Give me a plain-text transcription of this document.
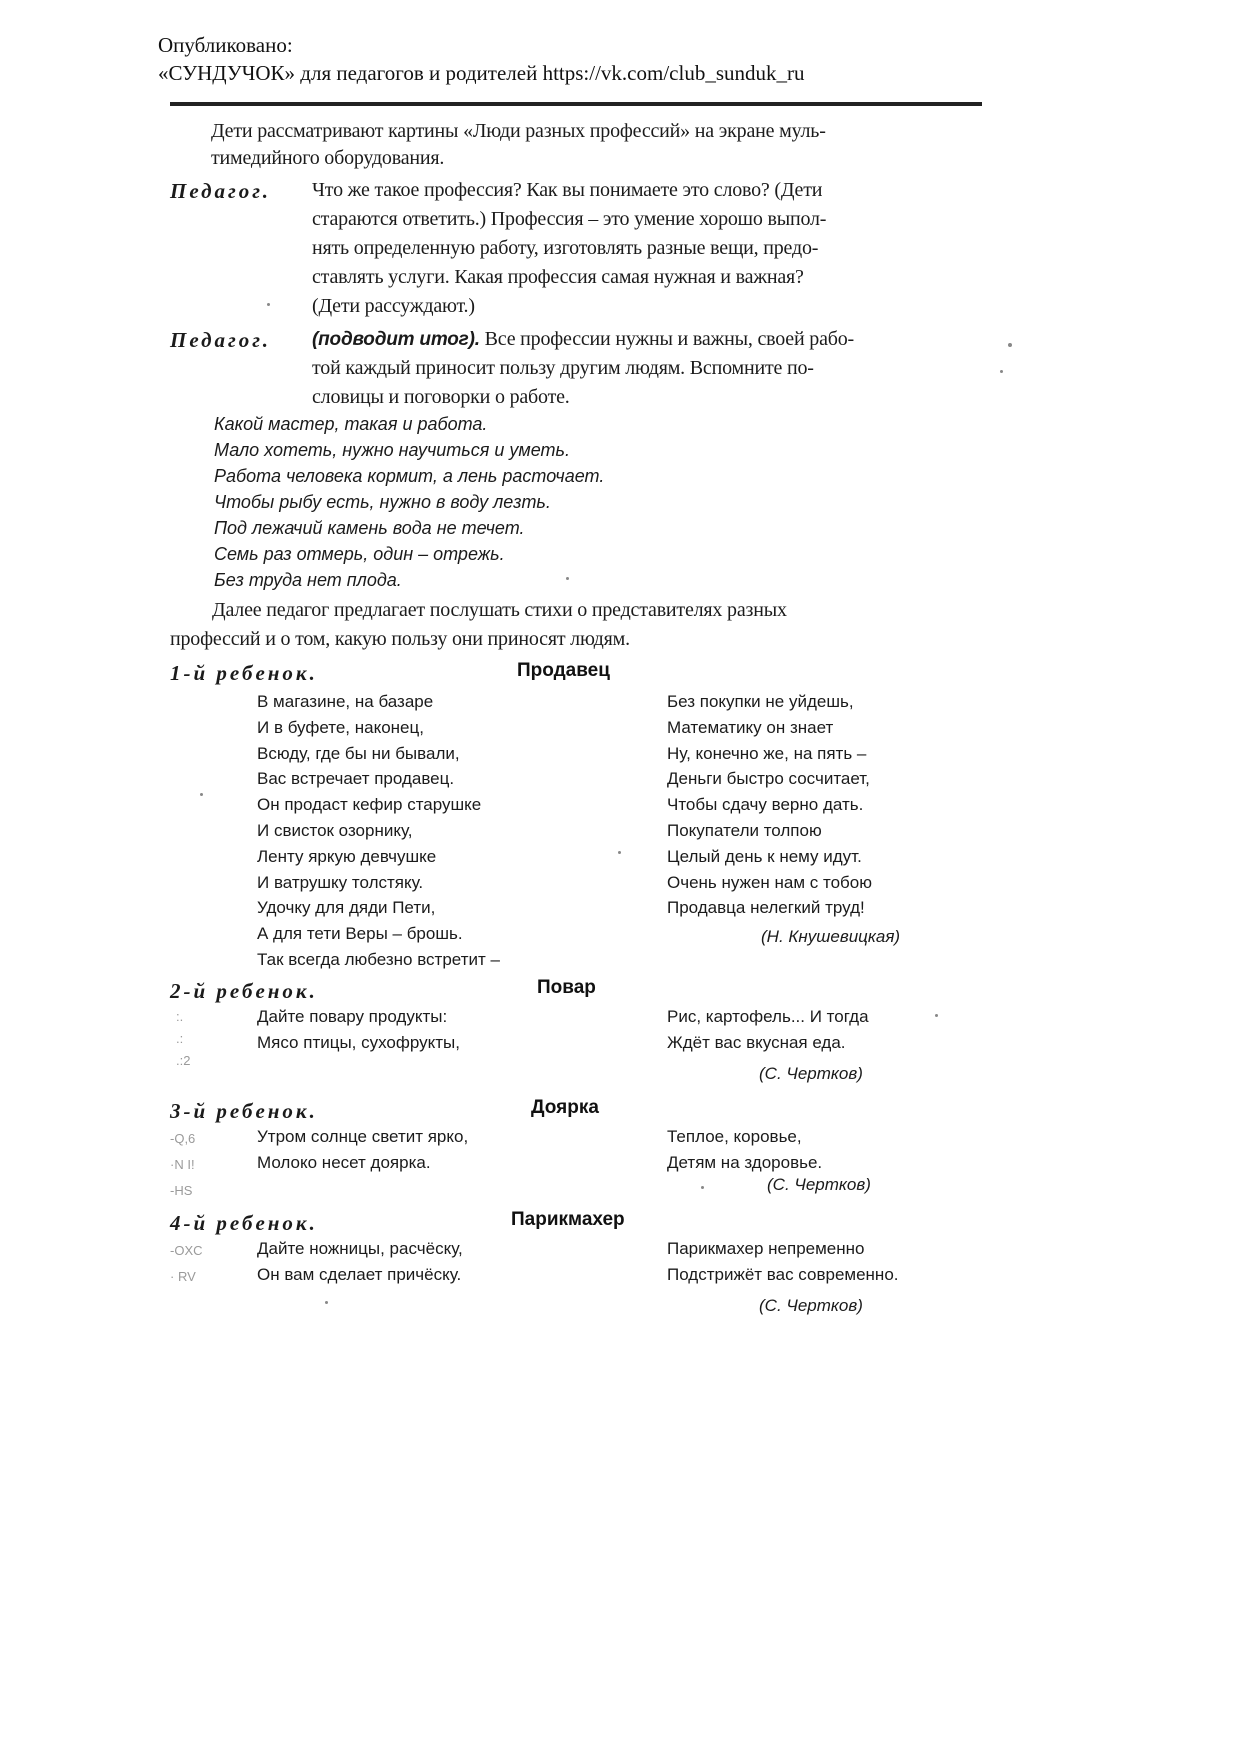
Опубликовано:
«СУНДУЧОК» для педагогов и родителей https://vk.com/club_sunduk_ru
Дети рассматривают картины «Люди разных профессий» на экране муль-
тимедийного оборудования.
Педагог. Что же такое профессия? Как вы понимаете это слово? (Дети
стараются ответить.) Профессия – это умение хорошо выпол-
нять определенную работу, изготовлять разные вещи, предо-
ставлять услуги. Какая профессия самая нужная и важная?
(Дети рассуждают.)
Педагог. (подводит итог). Все профессии нужны и важны, своей рабо-
той каждый приносит пользу другим людям. Вспомните по-
словицы и поговорки о работе.
Какой мастер, такая и работа.
Мало хотеть, нужно научиться и уметь.
Работа человека кормит, а лень расточает.
Чтобы рыбу есть, нужно в воду лезть.
Под лежачий камень вода не течет.
Семь раз отмерь, один – отрежь.
Без труда нет плода.
Далее педагог предлагает послушать стихи о представителях разных
профессий и о том, какую пользу они приносят людям.
1-й ребенок.	Продавец
В магазине, на базаре
И в буфете, наконец,
Всюду, где бы ни бывали,
Вас встречает продавец.
Он продаст кефир старушке
И свисток озорнику,
Ленту яркую девчушке
И ватрушку толстяку.
Удочку для дяди Пети,
А для тети Веры – брошь.
Так всегда любезно встретит –
Без покупки не уйдешь,
Математику он знает
Ну, конечно же, на пять –
Деньги быстро сосчитает,
Чтобы сдачу верно дать.
Покупатели толпою
Целый день к нему идут.
Очень нужен нам с тобою
Продавца нелегкий труд!
(Н. Кнушевицкая)
2-й ребенок.	Повар
:.
.:
.:2
Дайте повару продукты:
Мясо птицы, сухофрукты,
Рис, картофель... И тогда
Ждёт вас вкусная еда.
(С. Чертков)
3-й ребенок.	Доярка
-Q,6
·N I!
-HS
Утром солнце светит ярко,
Молоко несет доярка.
Теплое, коровье,
Детям на здоровье.
(С. Чертков)
4-й ребенок.	Парикмахер
-OXC
· RV
Дайте ножницы, расчёску,
Он вам сделает причёску.
Парикмахер непременно
Подстрижёт вас современно.
(С. Чертков)
